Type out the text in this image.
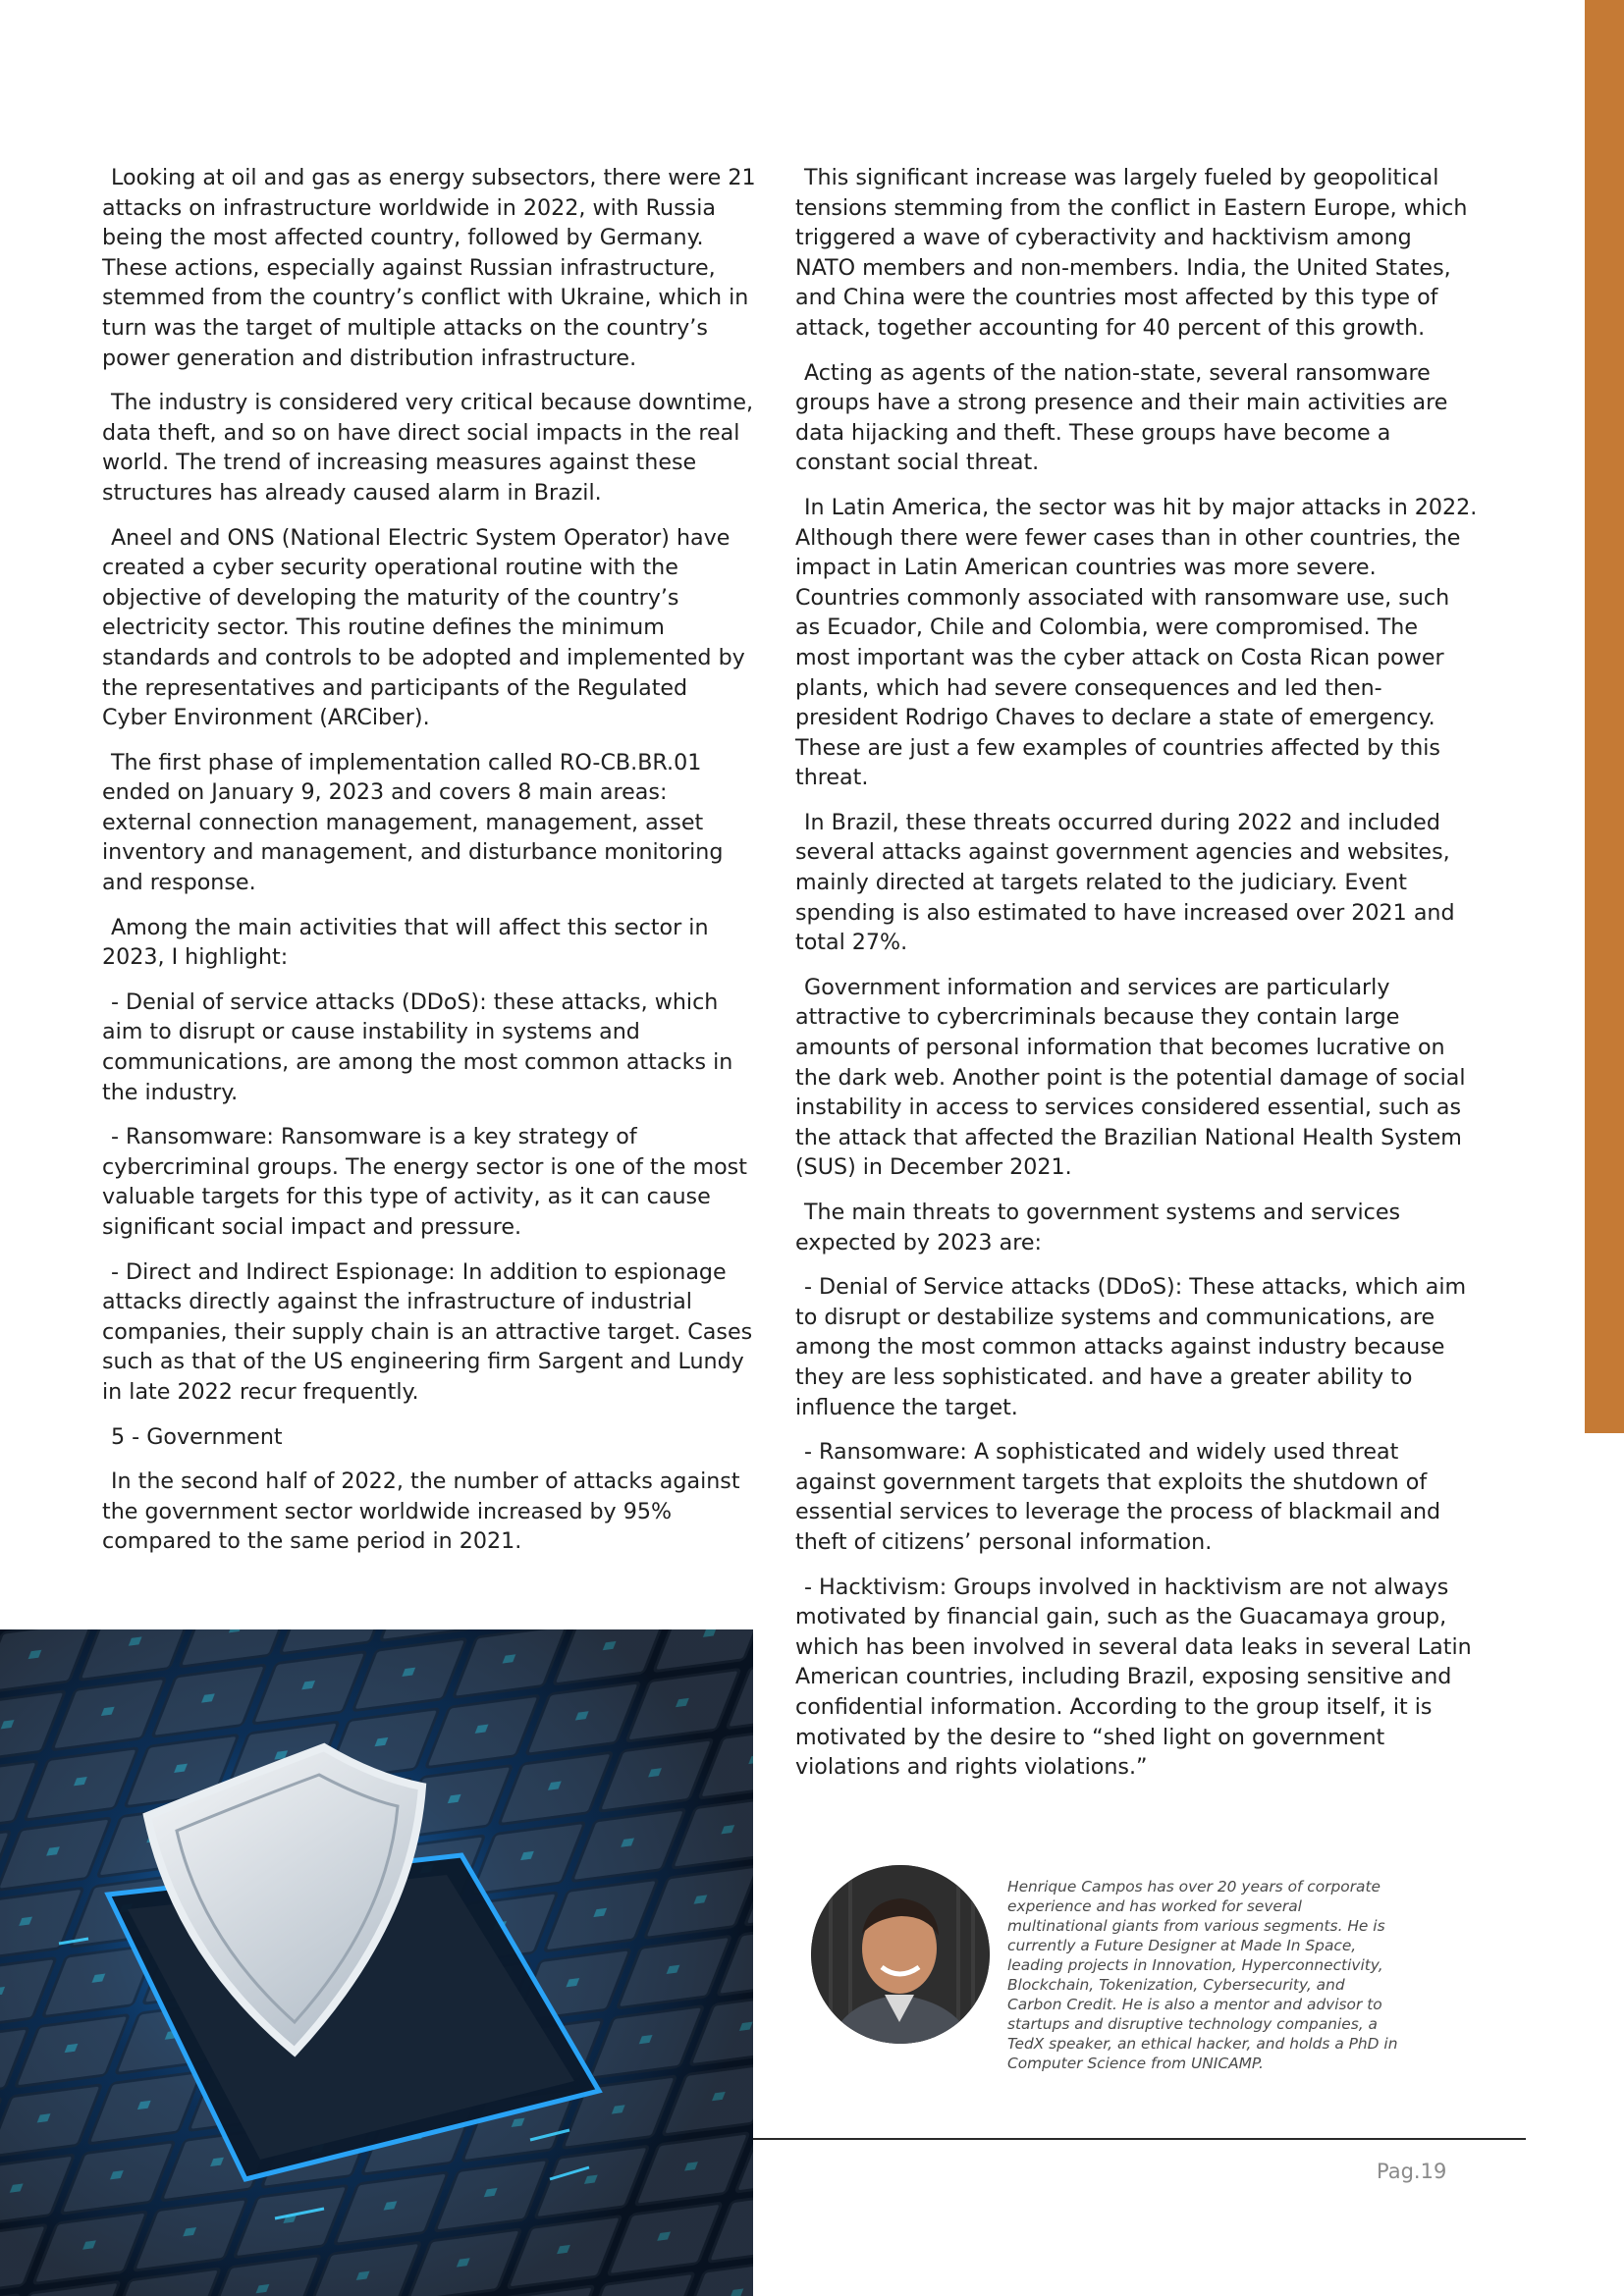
Looking at oil and gas as energy subsectors, there were 21 attacks on infrastructure worldwide in 2022, with Russia being the most affected country, followed by Germany. These actions, especially against Russian infrastructure, stemmed from the country’s conflict with Ukraine, which in turn was the target of multiple attacks on the country’s power generation and distribution infrastructure.

The industry is considered very critical because downtime, data theft, and so on have direct social impacts in the real world. The trend of increasing measures against these structures has already caused alarm in Brazil.

Aneel and ONS (National Electric System Operator) have created a cyber security operational routine with the objective of developing the maturity of the country’s electricity sector. This routine defines the minimum standards and controls to be adopted and implemented by the representatives and participants of the Regulated Cyber Environment (ARCiber).

The first phase of implementation called RO-CB.BR.01 ended on January 9, 2023 and covers 8 main areas: external connection management, management, asset inventory and management, and disturbance monitoring and response.

Among the main activities that will affect this sector in 2023, I highlight:

- Denial of service attacks (DDoS): these attacks, which aim to disrupt or cause instability in systems and communications, are among the most common attacks in the industry.

- Ransomware: Ransomware is a key strategy of cybercriminal groups. The energy sector is one of the most valuable targets for this type of activity, as it can cause significant social impact and pressure.

- Direct and Indirect Espionage: In addition to espionage attacks directly against the infrastructure of industrial companies, their supply chain is an attractive target. Cases such as that of the US engineering firm Sargent and Lundy in late 2022 recur frequently.

5 - Government

In the second half of 2022, the number of attacks against the government sector worldwide increased by 95% compared to the same period in 2021.

This significant increase was largely fueled by geopolitical tensions stemming from the conflict in Eastern Europe, which triggered a wave of cyberactivity and hacktivism among NATO members and non-members. India, the United States, and China were the countries most affected by this type of attack, together accounting for 40 percent of this growth.

Acting as agents of the nation-state, several ransomware groups have a strong presence and their main activities are data hijacking and theft. These groups have become a constant social threat.

In Latin America, the sector was hit by major attacks in 2022. Although there were fewer cases than in other countries, the impact in Latin American countries was more severe. Countries commonly associated with ransomware use, such as Ecuador, Chile and Colombia, were compromised. The most important was the cyber attack on Costa Rican power plants, which had severe consequences and led then-president Rodrigo Chaves to declare a state of emergency. These are just a few examples of countries affected by this threat.

In Brazil, these threats occurred during 2022 and included several attacks against government agencies and websites, mainly directed at targets related to the judiciary. Event spending is also estimated to have increased over 2021 and total 27%.

Government information and services are particularly attractive to cybercriminals because they contain large amounts of personal information that becomes lucrative on the dark web. Another point is the potential damage of social instability in access to services considered essential, such as the attack that affected the Brazilian National Health System (SUS) in December 2021.

The main threats to government systems and services expected by 2023 are:

- Denial of Service attacks (DDoS): These attacks, which aim to disrupt or destabilize systems and communications, are among the most common attacks against industry because they are less sophisticated. and have a greater ability to influence the target.

- Ransomware: A sophisticated and widely used threat against government targets that exploits the shutdown of essential services to leverage the process of blackmail and theft of citizens’ personal information.

- Hacktivism: Groups involved in hacktivism are not always motivated by financial gain, such as the Guacamaya group, which has been involved in several data leaks in several Latin American countries, including Brazil, exposing sensitive and confidential information. According to the group itself, it is motivated by the desire to “shed light on government violations and rights violations.”

Henrique Campos has over 20 years of corporate experience and has worked for several multinational giants from various segments. He is currently a Future Designer at Made In Space, leading projects in Innovation, Hyperconnectivity, Blockchain, Tokenization, Cybersecurity, and Carbon Credit. He is also a mentor and advisor to startups and disruptive technology companies, a TedX speaker, an ethical hacker, and holds a PhD in Computer Science from UNICAMP.

Pag.19
